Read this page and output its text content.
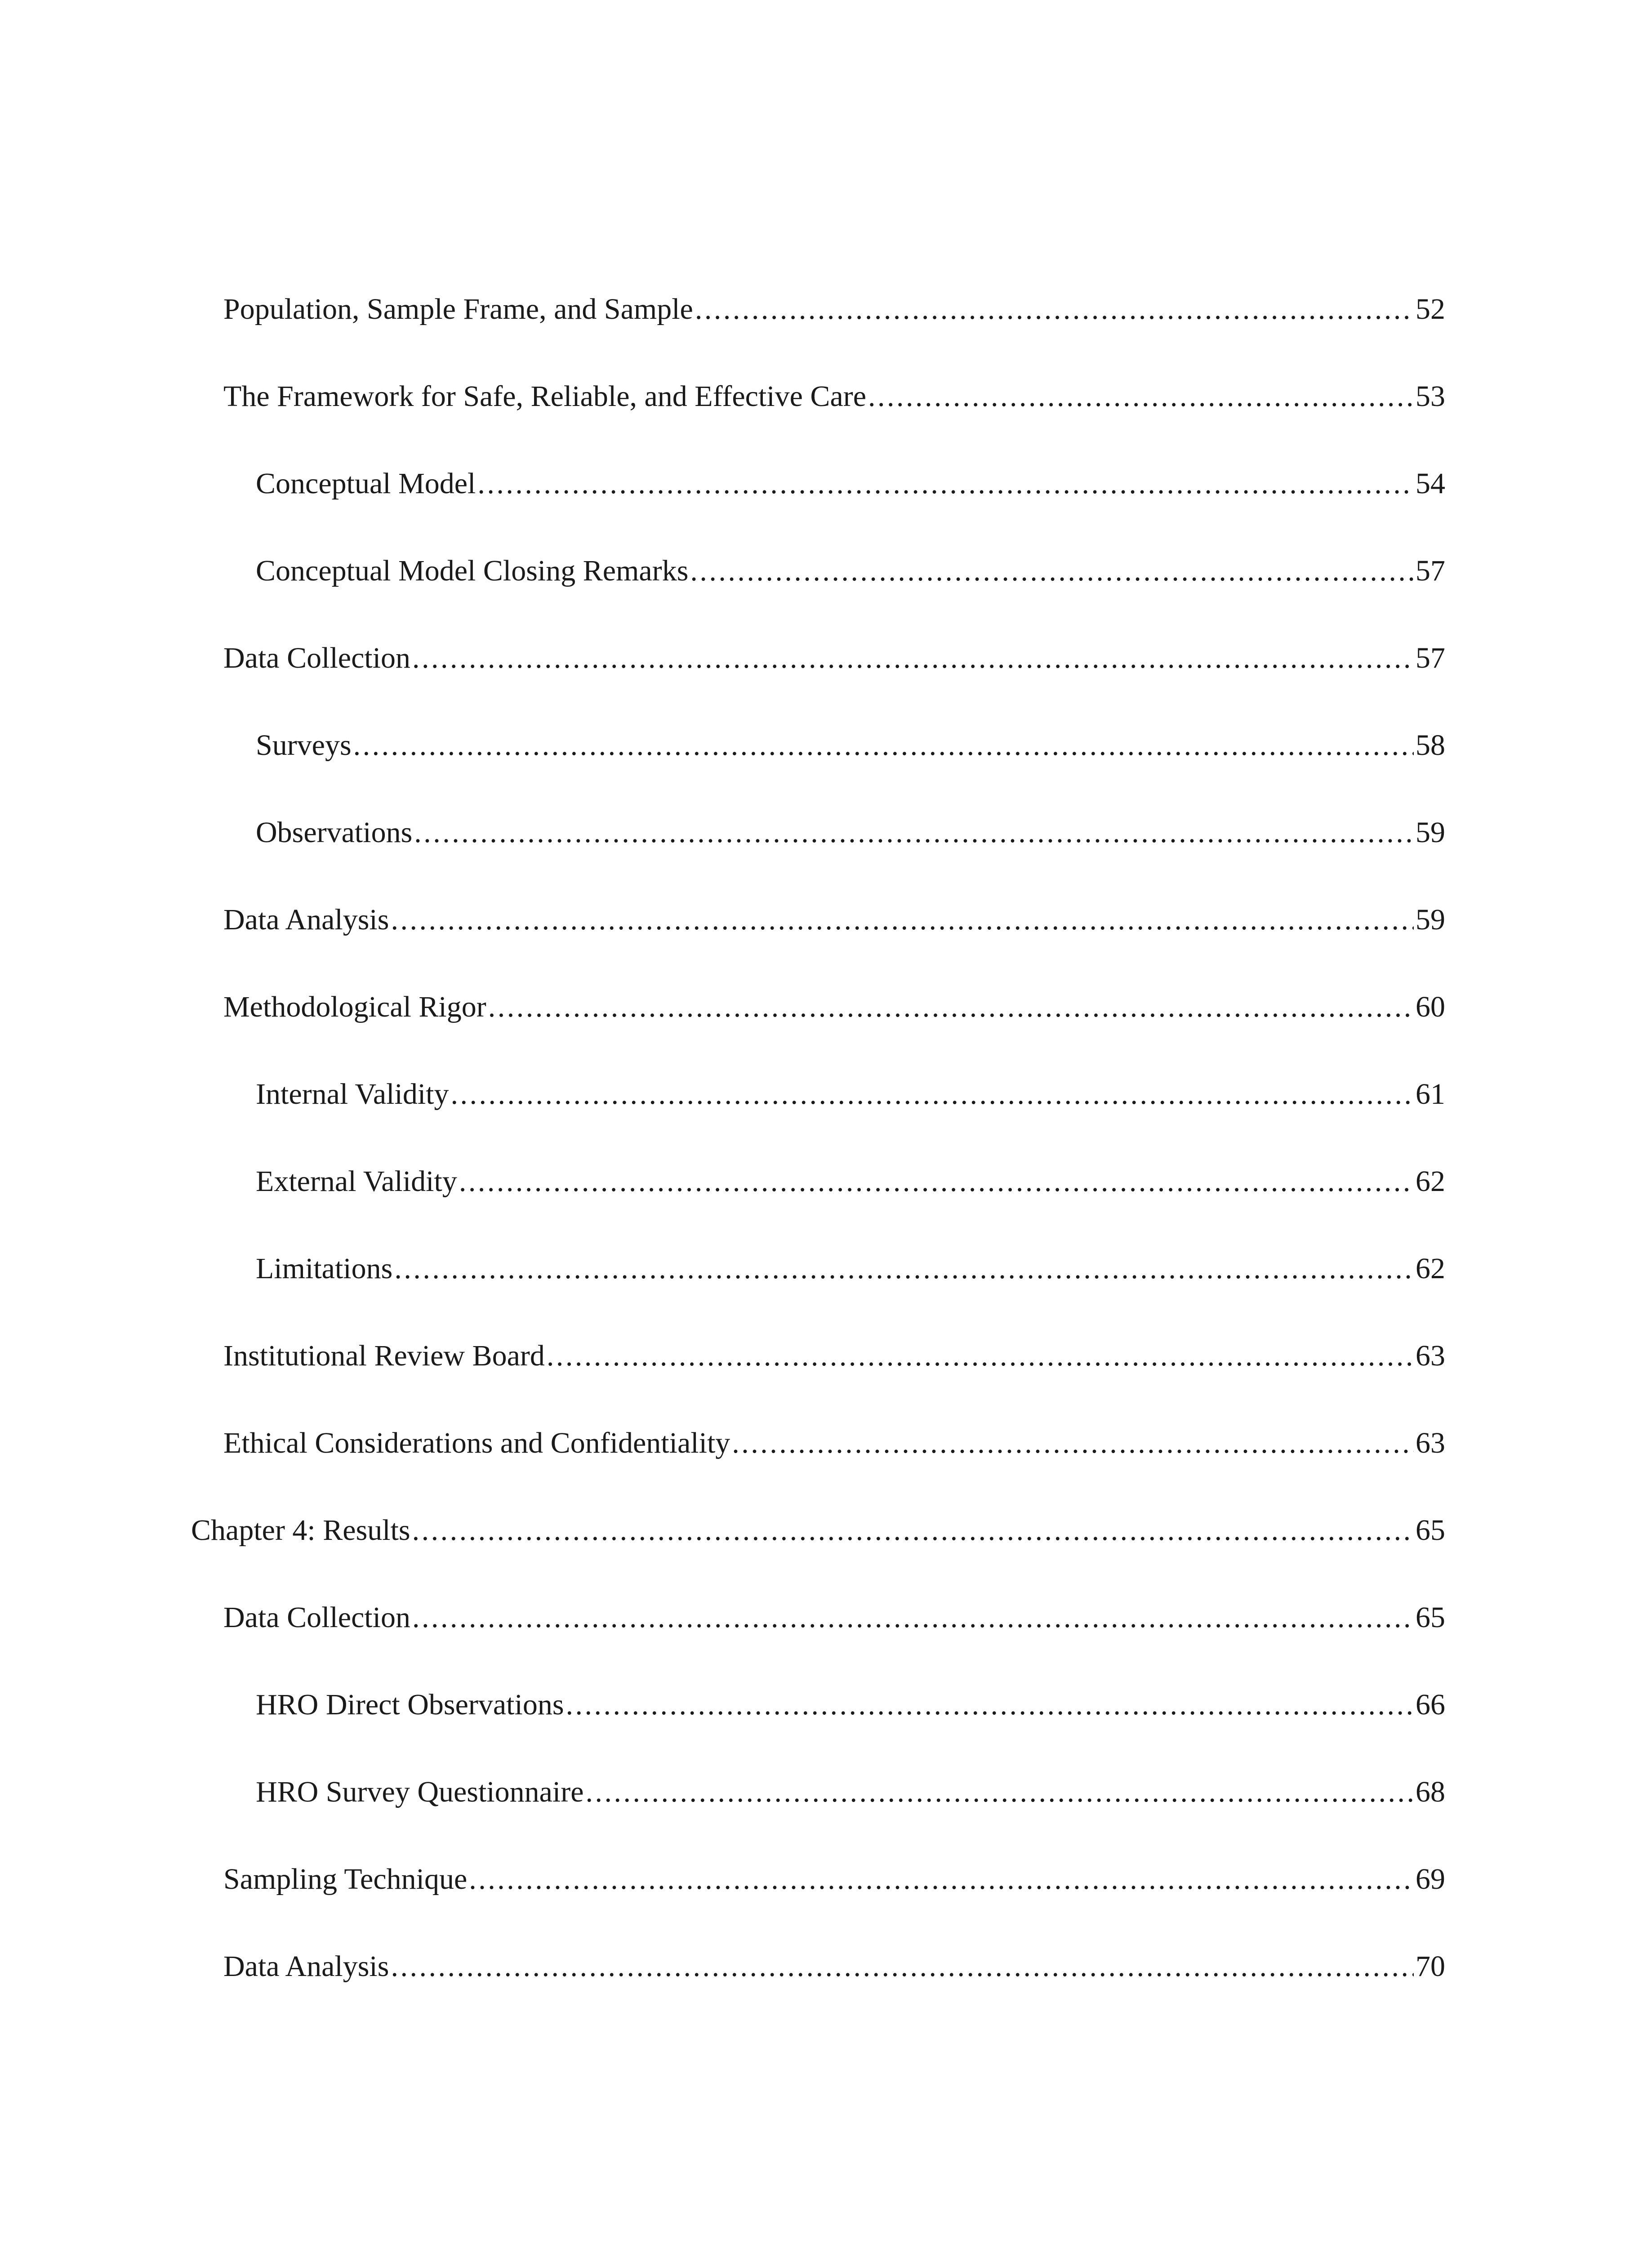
Population, Sample Frame, and Sample . . .	52
The Framework for Safe, Reliable, and Effective Care . . .	53
Conceptual Model . . .	54
Conceptual Model Closing Remarks . . .	57
Data Collection . . .	57
Surveys . . .	58
Observations . . .	59
Data Analysis . . .	59
Methodological Rigor . . .	60
Internal Validity . . .	61
External Validity . . .	62
Limitations . . .	62
Institutional Review Board . . .	63
Ethical Considerations and Confidentiality . . .	63
Chapter 4: Results . . .	65
Data Collection . . .	65
HRO Direct Observations . . .	66
HRO Survey Questionnaire . . .	68
Sampling Technique . . .	69
Data Analysis . . .	70
